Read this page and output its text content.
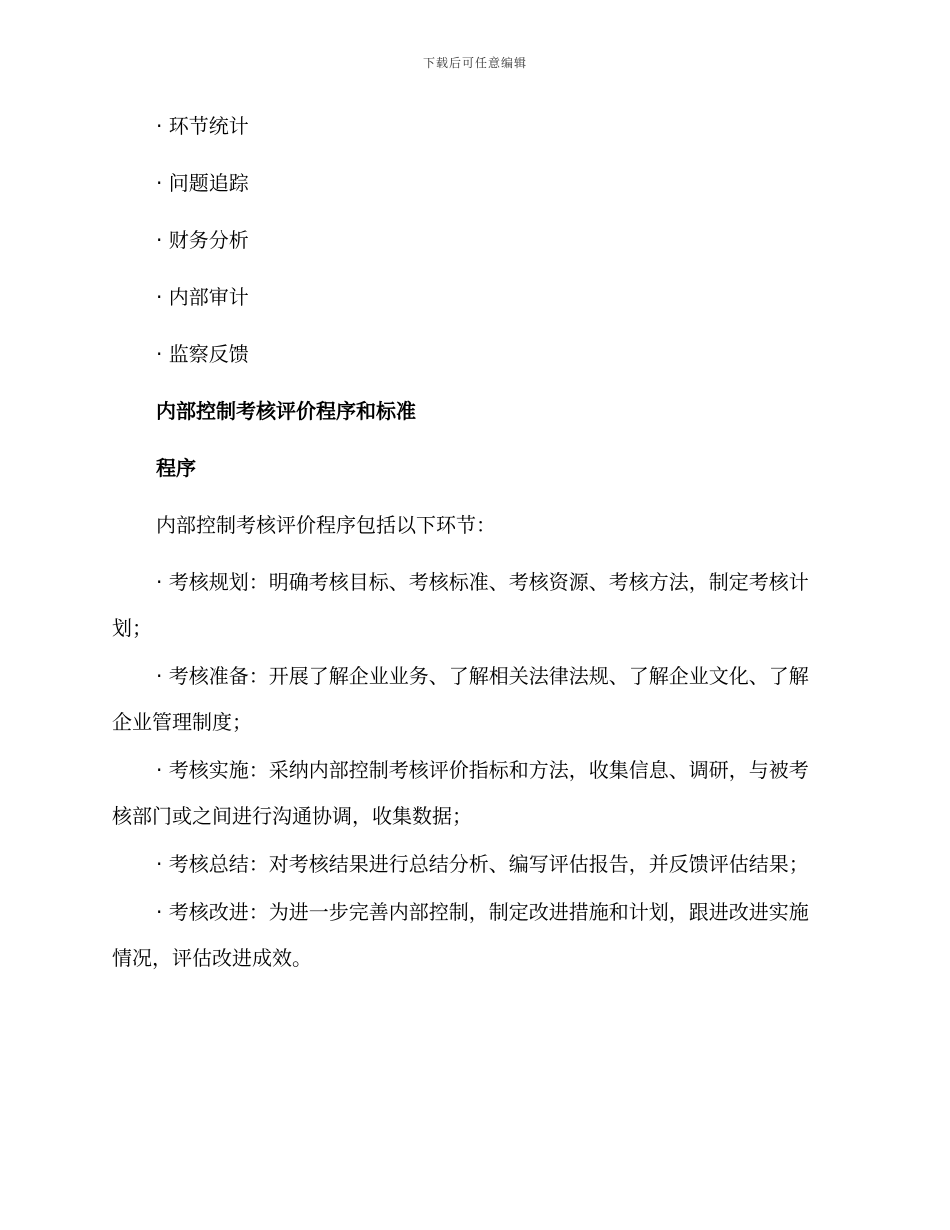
下载后可任意编辑

· 环节统计

· 问题追踪

· 财务分析

· 内部审计

· 监察反馈

内部控制考核评价程序和标准

程序

内部控制考核评价程序包括以下环节：

· 考核规划：明确考核目标、考核标准、考核资源、考核方法，制定考核计划；

· 考核准备：开展了解企业业务、了解相关法律法规、了解企业文化、了解企业管理制度；

· 考核实施：采纳内部控制考核评价指标和方法，收集信息、调研，与被考核部门或之间进行沟通协调，收集数据；

· 考核总结：对考核结果进行总结分析、编写评估报告，并反馈评估结果；

· 考核改进：为进一步完善内部控制，制定改进措施和计划，跟进改进实施情况，评估改进成效。
